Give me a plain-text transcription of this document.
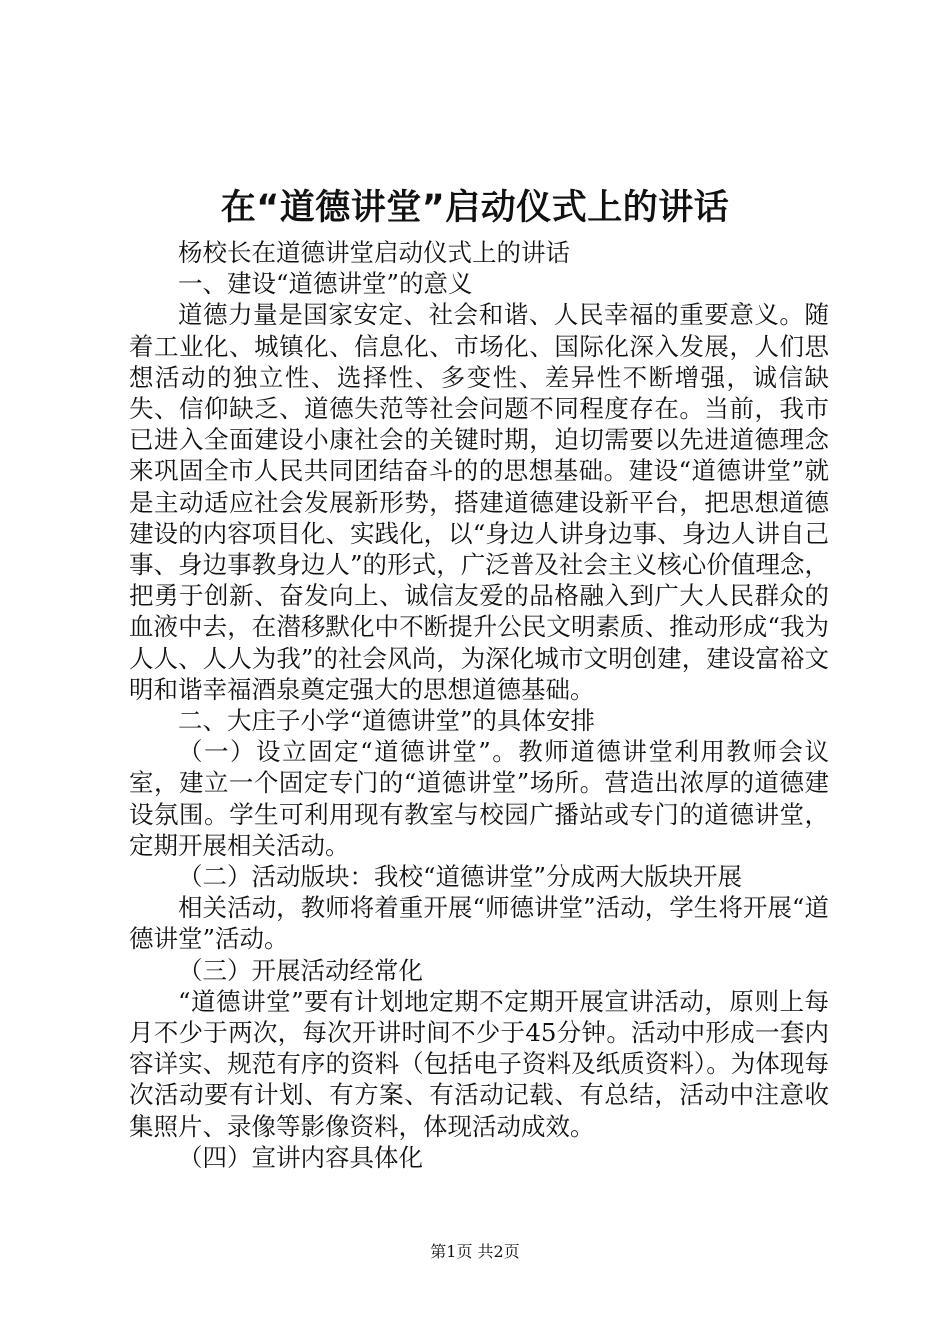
在“道德讲堂”启动仪式上的讲话

杨校长在道德讲堂启动仪式上的讲话

一、建设“道德讲堂”的意义

道德力量是国家安定、社会和谐、人民幸福的重要意义。随着工业化、城镇化、信息化、市场化、国际化深入发展，人们思想活动的独立性、选择性、多变性、差异性不断增强，诚信缺失、信仰缺乏、道德失范等社会问题不同程度存在。当前，我市已进入全面建设小康社会的关键时期，迫切需要以先进道德理念来巩固全市人民共同团结奋斗的的思想基础。建设“道德讲堂”就是主动适应社会发展新形势，搭建道德建设新平台，把思想道德建设的内容项目化、实践化，以“身边人讲身边事、身边人讲自己事、身边事教身边人”的形式，广泛普及社会主义核心价值理念，把勇于创新、奋发向上、诚信友爱的品格融入到广大人民群众的血液中去，在潜移默化中不断提升公民文明素质、推动形成“我为人人、人人为我”的社会风尚，为深化城市文明创建，建设富裕文明和谐幸福酒泉奠定强大的思想道德基础。

二、大庄子小学“道德讲堂”的具体安排

（一）设立固定“道德讲堂”。教师道德讲堂利用教师会议室，建立一个固定专门的“道德讲堂”场所。营造出浓厚的道德建设氛围。学生可利用现有教室与校园广播站或专门的道德讲堂，定期开展相关活动。

（二）活动版块：我校“道德讲堂”分成两大版块开展

相关活动，教师将着重开展“师德讲堂”活动，学生将开展“道德讲堂”活动。

（三）开展活动经常化

“道德讲堂”要有计划地定期不定期开展宣讲活动，原则上每月不少于两次，每次开讲时间不少于45分钟。活动中形成一套内容详实、规范有序的资料（包括电子资料及纸质资料）。为体现每次活动要有计划、有方案、有活动记载、有总结，活动中注意收集照片、录像等影像资料，体现活动成效。

（四）宣讲内容具体化

第1页 共2页
